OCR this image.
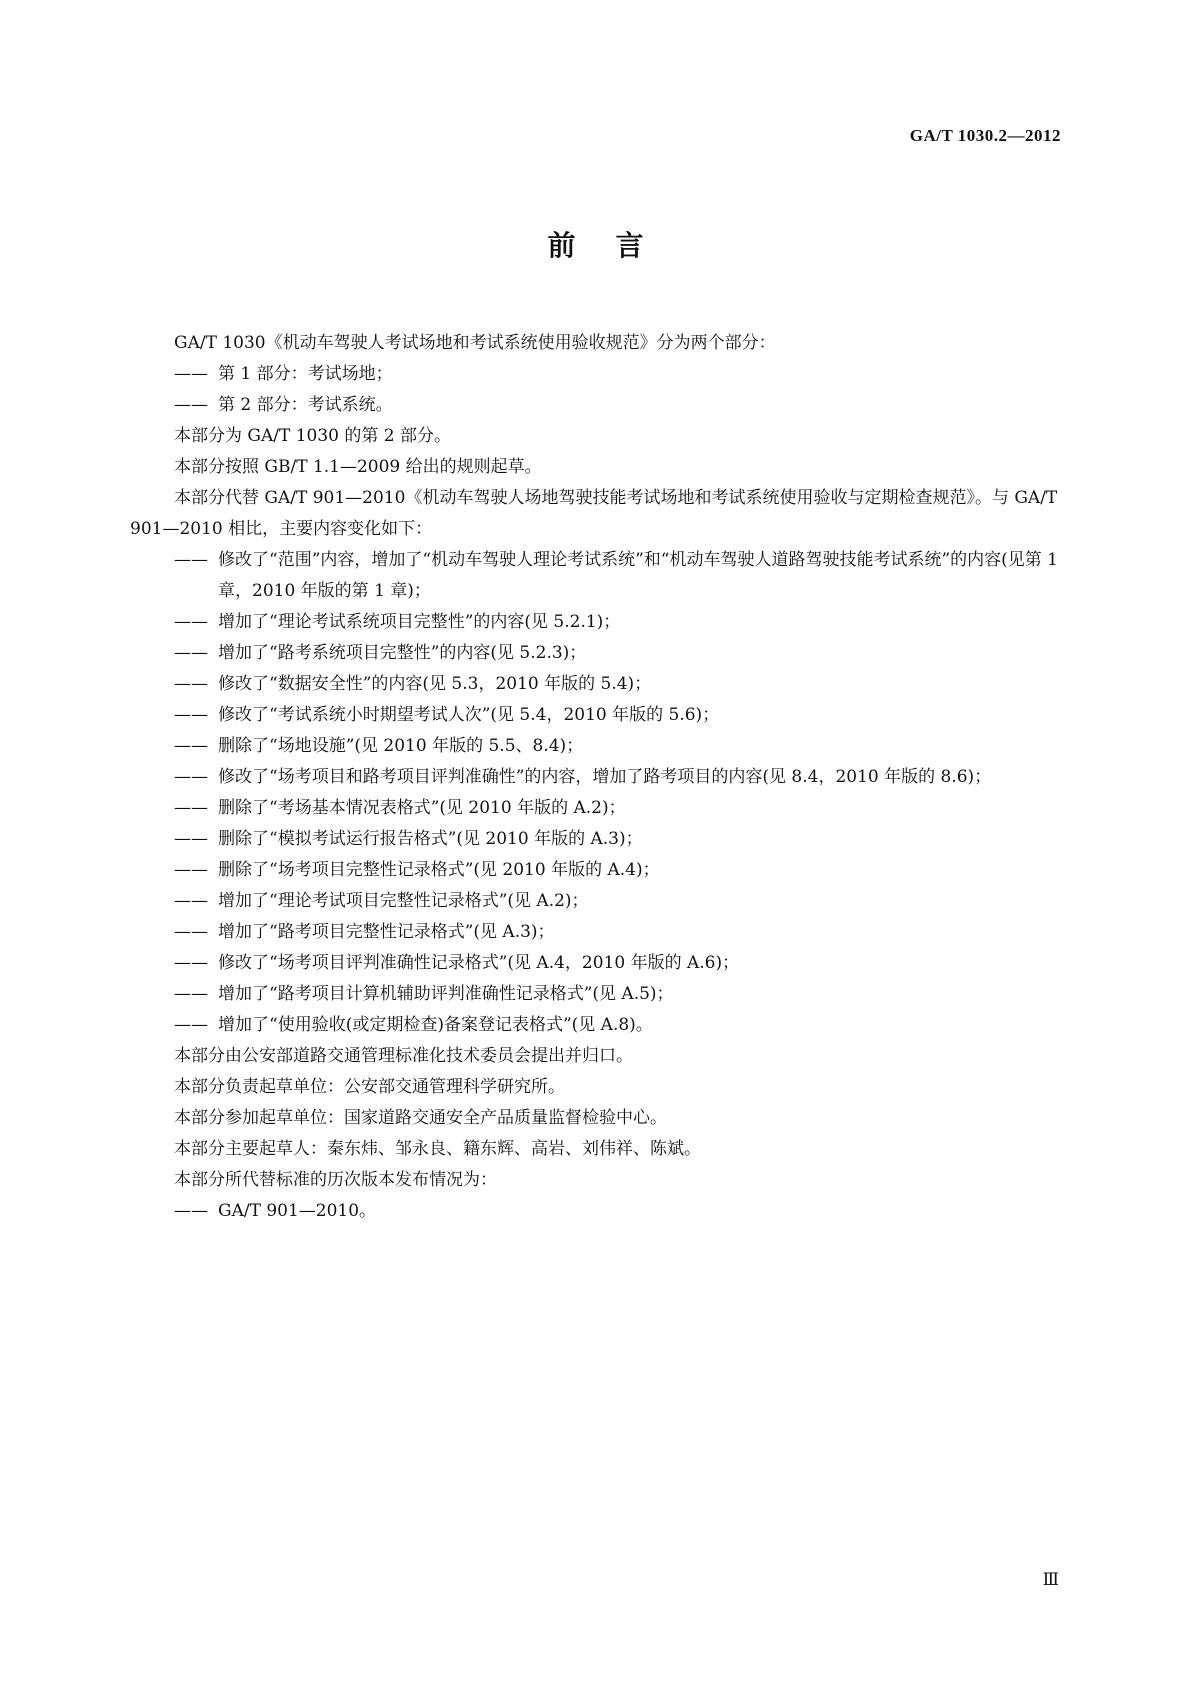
GA/T 1030.2—2012
前言

GA/T 1030《机动车驾驶人考试场地和考试系统使用验收规范》分为两个部分：

—— 第 1 部分：考试场地；

—— 第 2 部分：考试系统。

本部分为 GA/T 1030 的第 2 部分。

本部分按照 GB/T 1.1—2009 给出的规则起草。

本部分代替 GA/T 901—2010《机动车驾驶人场地驾驶技能考试场地和考试系统使用验收与定期检查规范》。与 GA/T 901—2010 相比，主要内容变化如下：

—— 修改了“范围”内容，增加了“机动车驾驶人理论考试系统”和“机动车驾驶人道路驾驶技能考试系统”的内容(见第 1 章，2010 年版的第 1 章)；

—— 增加了“理论考试系统项目完整性”的内容(见 5.2.1)；

—— 增加了“路考系统项目完整性”的内容(见 5.2.3)；

—— 修改了“数据安全性”的内容(见 5.3，2010 年版的 5.4)；

—— 修改了“考试系统小时期望考试人次”(见 5.4，2010 年版的 5.6)；

—— 删除了“场地设施”(见 2010 年版的 5.5、8.4)；

—— 修改了“场考项目和路考项目评判准确性”的内容，增加了路考项目的内容(见 8.4，2010 年版的 8.6)；

—— 删除了“考场基本情况表格式”(见 2010 年版的 A.2)；

—— 删除了“模拟考试运行报告格式”(见 2010 年版的 A.3)；

—— 删除了“场考项目完整性记录格式”(见 2010 年版的 A.4)；

—— 增加了“理论考试项目完整性记录格式”(见 A.2)；

—— 增加了“路考项目完整性记录格式”(见 A.3)；

—— 修改了“场考项目评判准确性记录格式”(见 A.4，2010 年版的 A.6)；

—— 增加了“路考项目计算机辅助评判准确性记录格式”(见 A.5)；

—— 增加了“使用验收(或定期检查)备案登记表格式”(见 A.8)。

本部分由公安部道路交通管理标准化技术委员会提出并归口。

本部分负责起草单位：公安部交通管理科学研究所。

本部分参加起草单位：国家道路交通安全产品质量监督检验中心。

本部分主要起草人：秦东炜、邹永良、籍东辉、高岩、刘伟祥、陈斌。

本部分所代替标准的历次版本发布情况为：

—— GA/T 901—2010。

Ⅲ
